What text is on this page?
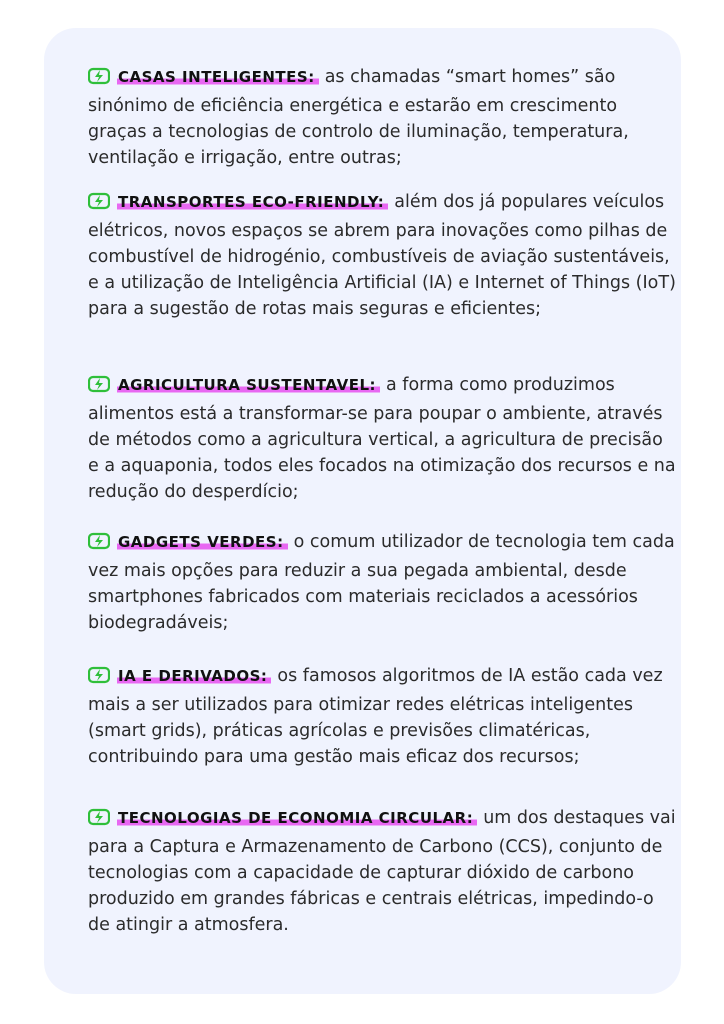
CASAS INTELIGENTES: as chamadas “smart homes” são sinónimo de eficiência energética e estarão em crescimento graças a tecnologias de controlo de iluminação, temperatura, ventilação e irrigação, entre outras;
TRANSPORTES ECO-FRIENDLY: além dos já populares veículos elétricos, novos espaços se abrem para inovações como pilhas de combustível de hidrogénio, combustíveis de aviação sustentáveis, e a utilização de Inteligência Artificial (IA) e Internet of Things (IoT) para a sugestão de rotas mais seguras e eficientes;
AGRICULTURA SUSTENTAVEL: a forma como produzimos alimentos está a transformar-se para poupar o ambiente, através de métodos como a agricultura vertical, a agricultura de precisão e a aquaponia, todos eles focados na otimização dos recursos e na redução do desperdício;
GADGETS VERDES: o comum utilizador de tecnologia tem cada vez mais opções para reduzir a sua pegada ambiental, desde smartphones fabricados com materiais reciclados a acessórios biodegradáveis;
IA E DERIVADOS: os famosos algoritmos de IA estão cada vez mais a ser utilizados para otimizar redes elétricas inteligentes (smart grids), práticas agrícolas e previsões climatéricas, contribuindo para uma gestão mais eficaz dos recursos;
TECNOLOGIAS DE ECONOMIA CIRCULAR: um dos destaques vai para a Captura e Armazenamento de Carbono (CCS), conjunto de tecnologias com a capacidade de capturar dióxido de carbono produzido em grandes fábricas e centrais elétricas, impedindo-o de atingir a atmosfera.
